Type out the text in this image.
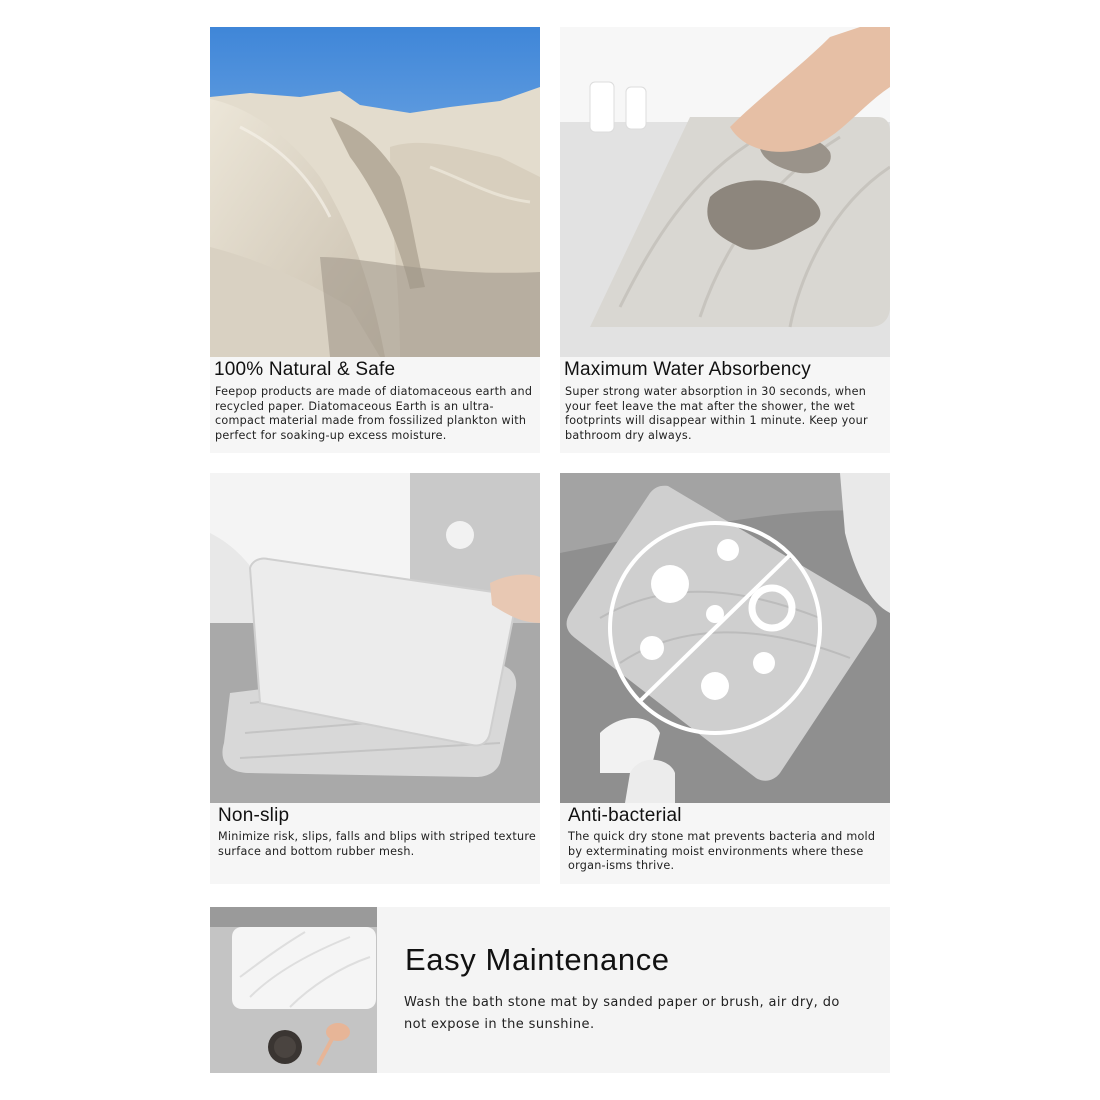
100% Natural & Safe

Feepop products are made of diatomaceous earth and recycled paper. Diatomaceous Earth is an ultra-compact material made from fossilized plankton with perfect for soaking-up excess moisture.

Maximum Water Absorbency

Super strong water absorption in 30 seconds, when your feet leave the mat after the shower, the wet footprints will disappear within 1 minute. Keep your bathroom dry always.

Non-slip

Minimize risk, slips, falls and blips with striped texture surface and bottom rubber mesh.

Anti-bacterial

The quick dry stone mat prevents bacteria and mold by exterminating moist environments where these organ-isms thrive.

Easy Maintenance

Wash the bath stone mat by sanded paper or brush, air dry, do not expose in the sunshine.
